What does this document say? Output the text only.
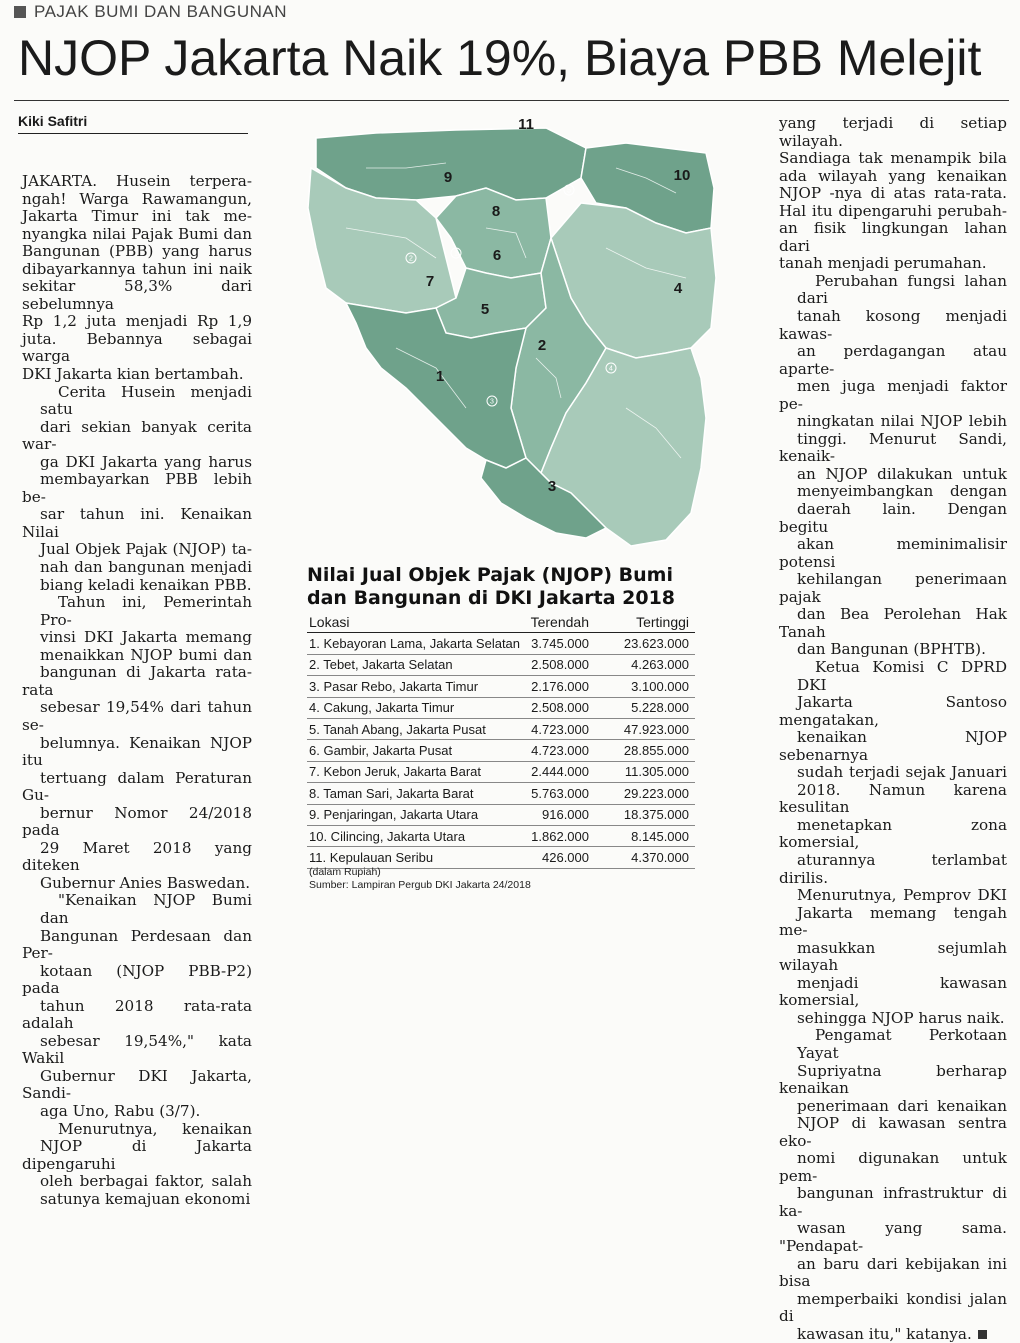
PAJAK BUMI DAN BANGUNAN
NJOP Jakarta Naik 19%, Biaya PBB Melejit
Kiki Safitri

JAKARTA. Husein terpera-
ngah! Warga Rawamangun,
Jakarta Timur ini tak me-
nyangka nilai Pajak Bumi dan
Bangunan (PBB) yang harus
dibayarkannya tahun ini naik
sekitar 58,3% dari sebelumnya
Rp 1,2 juta menjadi Rp 1,9
juta. Bebannya sebagai warga
DKI Jakarta kian bertambah.

Cerita Husein menjadi satu
dari sekian banyak cerita war-
ga DKI Jakarta yang harus
membayarkan PBB lebih be-
sar tahun ini. Kenaikan Nilai
Jual Objek Pajak (NJOP) ta-
nah dan bangunan menjadi
biang keladi kenaikan PBB.

Tahun ini, Pemerintah Pro-
vinsi DKI Jakarta memang
menaikkan NJOP bumi dan
bangunan di Jakarta rata-rata
sebesar 19,54% dari tahun se-
belumnya. Kenaikan NJOP itu
tertuang dalam Peraturan Gu-
bernur Nomor 24/2018 pada
29 Maret 2018 yang diteken
Gubernur Anies Baswedan.

"Kenaikan NJOP Bumi dan
Bangunan Perdesaan dan Per-
kotaan (NJOP PBB-P2) pada
tahun 2018 rata-rata adalah
sebesar 19,54%," kata Wakil
Gubernur DKI Jakarta, Sandi-
aga Uno, Rabu (3/7).

Menurutnya, kenaikan
NJOP di Jakarta dipengaruhi
oleh berbagai faktor, salah
satunya kemajuan ekonomi

1
2
3
4
5
11
9	10
8
6
7	4
5
2
1
3
Nilai Jual Objek Pajak (NJOP) Bumi
dan Bangunan di DKI Jakarta 2018
Lokasi	Terendah	Tertinggi
1. Kebayoran Lama, Jakarta Selatan 3.745.000	23.623.000
2. Tebet, Jakarta Selatan	2.508.000	4.263.000
3. Pasar Rebo, Jakarta Timur	2.176.000	3.100.000
4. Cakung, Jakarta Timur	2.508.000	5.228.000
5. Tanah Abang, Jakarta Pusat	4.723.000	47.923.000
6. Gambir, Jakarta Pusat	4.723.000	28.855.000
7. Kebon Jeruk, Jakarta Barat	2.444.000	11.305.000
8. Taman Sari, Jakarta Barat	5.763.000	29.223.000
9. Penjaringan, Jakarta Utara	916.000	18.375.000
10. Cilincing, Jakarta Utara	1.862.000	8.145.000
11. Kepulauan Seribu	426.000	4.370.000
(dalam Rupiah)
Sumber: Lampiran Pergub DKI Jakarta 24/2018

yang terjadi di setiap wilayah.
Sandiaga tak menampik bila
ada wilayah yang kenaikan
NJOP -nya di atas rata-rata.
Hal itu dipengaruhi perubah-
an fisik lingkungan lahan dari
tanah menjadi perumahan.

Perubahan fungsi lahan dari
tanah kosong menjadi kawas-
an perdagangan atau aparte-
men juga menjadi faktor pe-
ningkatan nilai NJOP lebih
tinggi. Menurut Sandi, kenaik-
an NJOP dilakukan untuk
menyeimbangkan dengan
daerah lain. Dengan begitu
akan meminimalisir potensi
kehilangan penerimaan pajak
dan Bea Perolehan Hak Tanah
dan Bangunan (BPHTB).

Ketua Komisi C DPRD DKI
Jakarta Santoso mengatakan,
kenaikan NJOP sebenarnya
sudah terjadi sejak Januari
2018. Namun karena kesulitan
menetapkan zona komersial,
aturannya terlambat dirilis.
Menurutnya, Pemprov DKI
Jakarta memang tengah me-
masukkan sejumlah wilayah
menjadi kawasan komersial,
sehingga NJOP harus naik.

Pengamat Perkotaan Yayat
Supriyatna berharap kenaikan
penerimaan dari kenaikan
NJOP di kawasan sentra eko-
nomi digunakan untuk pem-
bangunan infrastruktur di ka-
wasan yang sama. "Pendapat-
an baru dari kebijakan ini bisa
memperbaiki kondisi jalan di
kawasan itu," katanya.
